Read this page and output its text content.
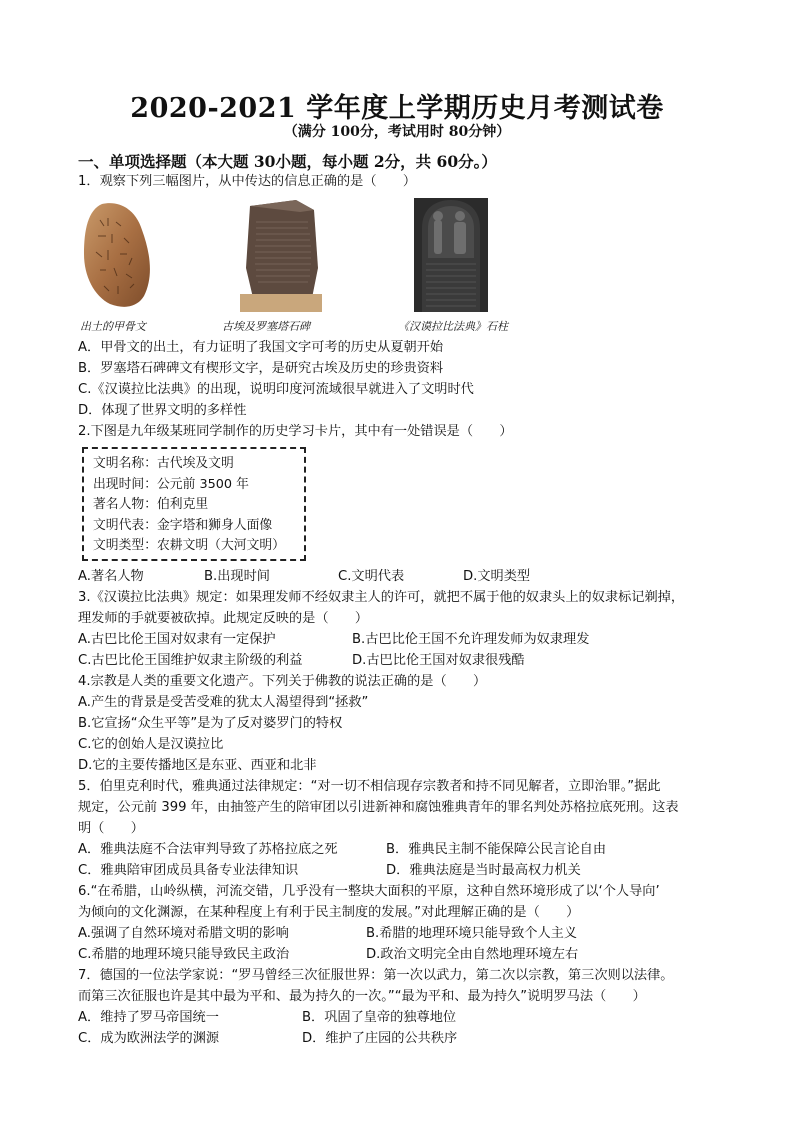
2020-2021 学年度上学期历史月考测试卷
（满分 100分，考试用时 80分钟）
一、单项选择题（本大题 30小题，每小题 2分，共 60分。）
1．观察下列三幅图片，从中传达的信息正确的是（　　）
出土的甲骨文	古埃及罗塞塔石碑	《汉谟拉比法典》石柱
A．甲骨文的出土，有力证明了我国文字可考的历史从夏朝开始
B．罗塞塔石碑碑文有楔形文字，是研究古埃及历史的珍贵资料
C.《汉谟拉比法典》的出现，说明印度河流域很早就进入了文明时代
D．体现了世界文明的多样性
2.下图是九年级某班同学制作的历史学习卡片，其中有一处错误是（　　）
文明名称：古代埃及文明
出现时间：公元前 3500 年
著名人物：伯利克里
文明代表：金字塔和狮身人面像
文明类型：农耕文明（大河文明）
A.著名人物	B.出现时间	C.文明代表	D.文明类型
3.《汉谟拉比法典》规定：如果理发师不经奴隶主人的许可，就把不属于他的奴隶头上的奴隶标记剃掉，
理发师的手就要被砍掉。此规定反映的是（　　）
A.古巴比伦王国对奴隶有一定保护	B.古巴比伦王国不允许理发师为奴隶理发
C.古巴比伦王国维护奴隶主阶级的利益	D.古巴比伦王国对奴隶很残酷
4.宗教是人类的重要文化遗产。下列关于佛教的说法正确的是（　　）
A.产生的背景是受苦受难的犹太人渴望得到“拯救”
B.它宣扬“众生平等”是为了反对婆罗门的特权
C.它的创始人是汉谟拉比
D.它的主要传播地区是东亚、西亚和北非
5．伯里克利时代，雅典通过法律规定：“对一切不相信现存宗教者和持不同见解者，立即治罪。”据此
规定，公元前 399 年，由抽签产生的陪审团以引进新神和腐蚀雅典青年的罪名判处苏格拉底死刑。这表
明（　　）
A．雅典法庭不合法审判导致了苏格拉底之死	B．雅典民主制不能保障公民言论自由
C．雅典陪审团成员具备专业法律知识	D．雅典法庭是当时最高权力机关
6.“在希腊，山岭纵横，河流交错，几乎没有一整块大面积的平原，这种自然环境形成了以‘个人导向’
为倾向的文化渊源，在某种程度上有利于民主制度的发展。”对此理解正确的是（　　）
A.强调了自然环境对希腊文明的影响	B.希腊的地理环境只能导致个人主义
C.希腊的地理环境只能导致民主政治	D.政治文明完全由自然地理环境左右
7．德国的一位法学家说：“罗马曾经三次征服世界：第一次以武力，第二次以宗教，第三次则以法律。
而第三次征服也许是其中最为平和、最为持久的一次。”“最为平和、最为持久”说明罗马法（　　）
A．维持了罗马帝国统一	B．巩固了皇帝的独尊地位
C．成为欧洲法学的渊源	D．维护了庄园的公共秩序
